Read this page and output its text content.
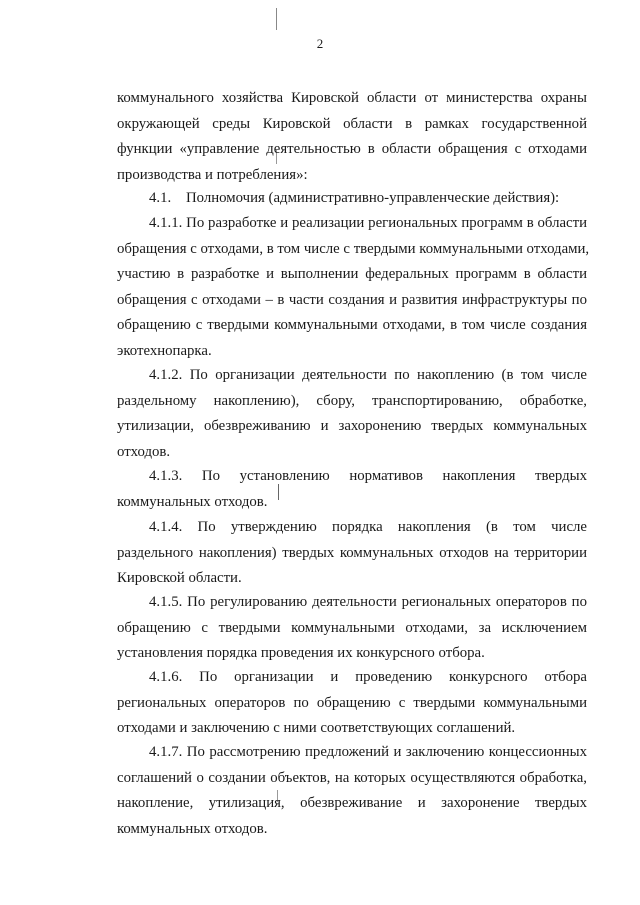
2
коммунального хозяйства Кировской области от министерства охраны
окружающей среды Кировской области в рамках государственной
функции «управление деятельностью в области обращения с отходами
производства и потребления»:
4.1.    Полномочия (административно-управленческие действия):
4.1.1. По разработке и реализации региональных программ в области
обращения с отходами, в том числе с твердыми коммунальными отходами,
участию в разработке и выполнении федеральных программ в области
обращения с отходами – в части создания и развития инфраструктуры по
обращению с твердыми коммунальными отходами, в том числе создания
экотехнопарка.
4.1.2. По организации деятельности по накоплению (в том числе
раздельному накоплению), сбору, транспортированию, обработке,
утилизации, обезвреживанию и захоронению твердых коммунальных
отходов.
4.1.3. По установлению нормативов накопления твердых
коммунальных отходов.
4.1.4. По утверждению порядка накопления (в том числе
раздельного накопления) твердых коммунальных отходов на территории
Кировской области.
4.1.5. По регулированию деятельности региональных операторов по
обращению с твердыми коммунальными отходами, за исключением
установления порядка проведения их конкурсного отбора.
4.1.6. По организации и проведению конкурсного отбора
региональных операторов по обращению с твердыми коммунальными
отходами и заключению с ними соответствующих соглашений.
4.1.7. По рассмотрению предложений и заключению концессионных
соглашений о создании объектов, на которых осуществляются обработка,
накопление, утилизация, обезвреживание и захоронение твердых
коммунальных отходов.
